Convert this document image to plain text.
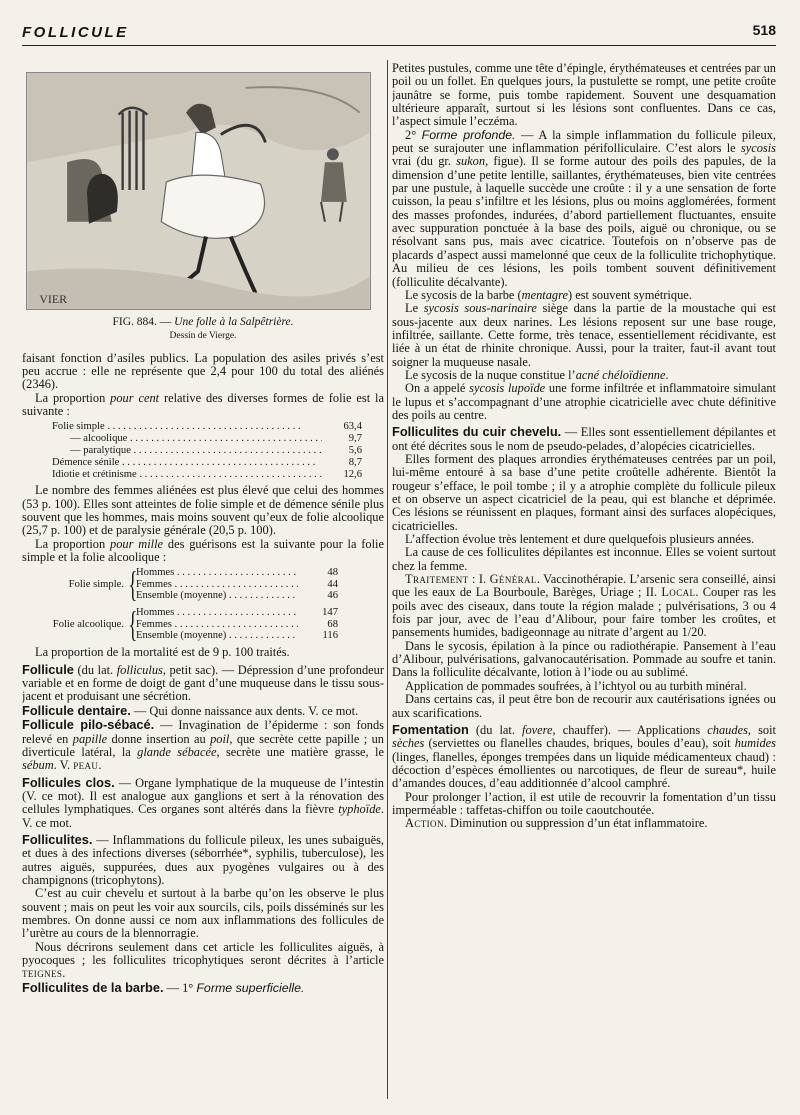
FOLLICULE	518
VIER
FIG. 884. — Une folle à la Salpêtrière.
Dessin de Vierge.

faisant fonction d’asiles publics. La population des asiles privés s’est peu accrue : elle ne représente que 2,4 pour 100 du total des aliénés (2346).

La proportion pour cent relative des diverses formes de folie est la suivante :

Folie simple . . .	63,4
— alcoolique . . .	9,7
— paralytique . . .	5,6
Démence sénile . . .	8,7
Idiotie et crétinisme . . .	12,6

Le nombre des femmes aliénées est plus élevé que celui des hommes (53 p. 100). Elles sont atteintes de folie simple et de démence sénile plus souvent que les hommes, mais moins souvent qu’eux de folie alcoolique (25,7 p. 100) et de paralysie générale (20,5 p. 100).

La proportion pour mille des guérisons est la suivante pour la folie simple et la folie alcoolique :

Folie simple. {
Hommes . . .	48
Femmes . . .	44
Ensemble (moyenne) . . .	46
Folie alcoolique. {
Hommes . . .	147
Femmes . . .	68
Ensemble (moyenne) . . .	116

La proportion de la mortalité est de 9 p. 100 traités.

Follicule (du lat. folliculus, petit sac). — Dépression d’une profondeur variable et en forme de doigt de gant d’une muqueuse dans le tissu sous-jacent et produisant une sécrétion.

Follicule dentaire. — Qui donne naissance aux dents. V. ce mot.

Follicule pilo-sébacé. — Invagination de l’épiderme : son fonds relevé en papille donne insertion au poil, que secrète cette papille ; un diverticule latéral, la glande sébacée, secrète une matière grasse, le sébum. V. peau.

Follicules clos. — Organe lymphatique de la muqueuse de l’intestin (V. ce mot). Il est analogue aux ganglions et sert à la rénovation des cellules lymphatiques. Ces organes sont altérés dans la fièvre typhoïde. V. ce mot.

Folliculites. — Inflammations du follicule pileux, les unes subaiguës, et dues à des infections diverses (séborrhée*, syphilis, tuberculose), les autres aiguës, suppurées, dues aux pyogènes vulgaires ou à des champignons (tricophytons).

C’est au cuir chevelu et surtout à la barbe qu’on les observe le plus souvent ; mais on peut les voir aux sourcils, cils, poils disséminés sur les membres. On donne aussi ce nom aux inflammations des follicules de l’urètre au cours de la blennorragie.

Nous décrirons seulement dans cet article les folliculites aiguës, à pyocoques ; les folliculites tricophytiques seront décrites à l’article teignes.

Folliculites de la barbe. — 1° Forme superficielle.

Petites pustules, comme une tête d’épingle, érythémateuses et centrées par un poil ou un follet. En quelques jours, la pustulette se rompt, une petite croûte jaunâtre se forme, puis tombe rapidement. Souvent une desquamation ultérieure apparaît, surtout si les lésions sont confluentes. Dans ce cas, l’aspect simule l’eczéma.

2° Forme profonde. — A la simple inflammation du follicule pileux, peut se surajouter une inflammation périfolliculaire. C’est alors le sycosis vrai (du gr. sukon, figue). Il se forme autour des poils des papules, de la dimension d’une petite lentille, saillantes, érythémateuses, bien vite centrées par une pustule, à laquelle succède une croûte : il y a une sensation de forte cuisson, la peau s’infiltre et les lésions, plus ou moins agglomérées, forment des masses profondes, indurées, d’abord partiellement fluctuantes, ensuite avec suppuration ponctuée à la base des poils, aiguë ou chronique, ou se résolvant sans pus, mais avec cicatrice. Toutefois on n’observe pas de placards d’aspect aussi mamelonné que ceux de la folliculite trichophytique. Au milieu de ces lésions, les poils tombent souvent définitivement (folliculite décalvante).

Le sycosis de la barbe (mentagre) est souvent symétrique.

Le sycosis sous-narinaire siège dans la partie de la moustache qui est sous-jacente aux deux narines. Les lésions reposent sur une base rouge, infiltrée, saillante. Cette forme, très tenace, essentiellement récidivante, est liée à un état de rhinite chronique. Aussi, pour la traiter, faut-il avant tout soigner la muqueuse nasale.

Le sycosis de la nuque constitue l’acné chéloïdienne.

On a appelé sycosis lupoïde une forme infiltrée et inflammatoire simulant le lupus et s’accompagnant d’une atrophie cicatricielle avec chute définitive des poils au centre.

Folliculites du cuir chevelu. — Elles sont essentiellement dépilantes et ont été décrites sous le nom de pseudo-pelades, d’alopécies cicatricielles.

Elles forment des plaques arrondies érythémateuses centrées par un poil, lui-même entouré à sa base d’une petite croûtelle adhérente. Bientôt la rougeur s’efface, le poil tombe ; il y a atrophie complète du follicule pileux et on observe un aspect cicatriciel de la peau, qui est blanche et déprimée. Ces lésions se réunissent en plaques, formant ainsi des surfaces alopéciques, cicatricielles.

L’affection évolue très lentement et dure quelquefois plusieurs années.

La cause de ces folliculites dépilantes est inconnue. Elles se voient surtout chez la femme.

Traitement : I. Général. Vaccinothérapie. L’arsenic sera conseillé, ainsi que les eaux de La Bourboule, Barèges, Uriage ; II. Local. Couper ras les poils avec des ciseaux, dans toute la région malade ; pulvérisations, 3 ou 4 fois par jour, avec de l’eau d’Alibour, pour faire tomber les croûtes, et pansements humides, badigeonnage au nitrate d’argent au 1/20.

Dans le sycosis, épilation à la pince ou radiothérapie. Pansement à l’eau d’Alibour, pulvérisations, galvanocautérisation. Pommade au soufre et tanin. Dans la folliculite décalvante, lotion à l’iode ou au sublimé.

Application de pommades soufrées, à l’ichtyol ou au turbith minéral.

Dans certains cas, il peut être bon de recourir aux cautérisations ignées ou aux scarifications.

Fomentation (du lat. fovere, chauffer). — Applications chaudes, soit sèches (serviettes ou flanelles chaudes, briques, boules d’eau), soit humides (linges, flanelles, éponges trempées dans un liquide médicamenteux chaud) : décoction d’espèces émollientes ou narcotiques, de fleur de sureau*, huile d’amandes douces, d’eau additionnée d’alcool camphré.

Pour prolonger l’action, il est utile de recouvrir la fomentation d’un tissu imperméable : taffetas-chiffon ou toile caoutchoutée.

Action. Diminution ou suppression d’un état inflammatoire.
